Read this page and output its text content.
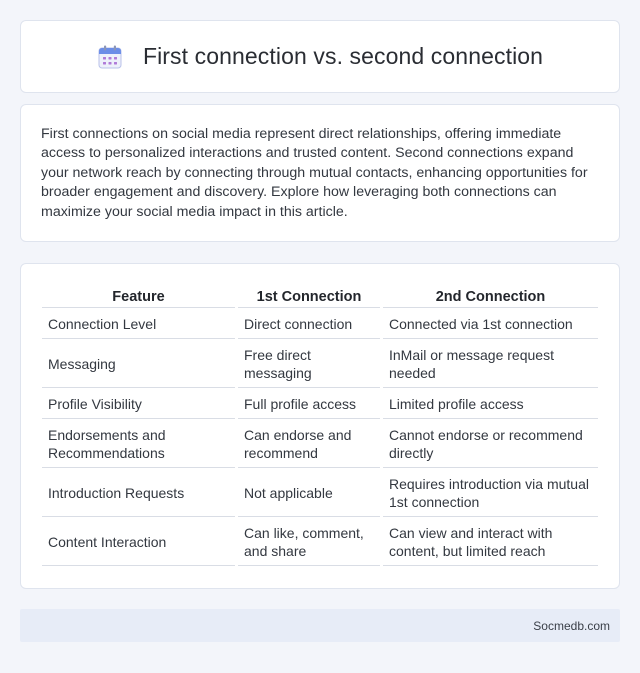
First connection vs. second connection

First connections on social media represent direct relationships, offering immediate access to personalized interactions and trusted content. Second connections expand your network reach by connecting through mutual contacts, enhancing opportunities for broader engagement and discovery. Explore how leveraging both connections can maximize your social media impact in this article.

Feature	1st Connection	2nd Connection
Connection Level	Direct connection	Connected via 1st connection
Messaging	Free direct messaging	InMail or message request needed
Profile Visibility	Full profile access	Limited profile access
Endorsements and Recommendations	Can endorse and recommend	Cannot endorse or recommend directly
Introduction Requests	Not applicable	Requires introduction via mutual 1st connection
Content Interaction	Can like, comment, and share	Can view and interact with content, but limited reach
Socmedb.com
